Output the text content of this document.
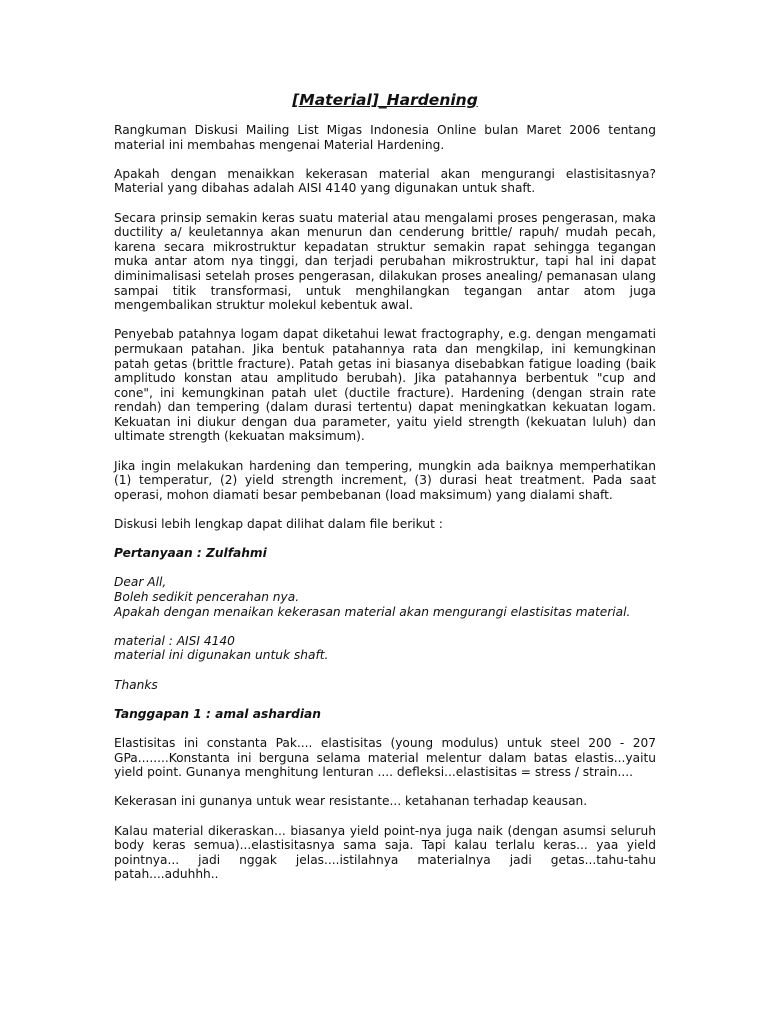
[Material]_Hardening

Rangkuman Diskusi Mailing List Migas Indonesia Online bulan Maret 2006 tentang material ini membahas mengenai Material Hardening.

Apakah dengan menaikkan kekerasan material akan mengurangi elastisitasnya? Material yang dibahas adalah AISI 4140 yang digunakan untuk shaft.

Secara prinsip semakin keras suatu material atau mengalami proses pengerasan, maka ductility a/ keuletannya akan menurun dan cenderung brittle/ rapuh/ mudah pecah, karena secara mikrostruktur kepadatan struktur semakin rapat sehingga tegangan muka antar atom nya tinggi, dan terjadi perubahan mikrostruktur, tapi hal ini dapat diminimalisasi setelah proses pengerasan, dilakukan proses anealing/ pemanasan ulang sampai titik transformasi, untuk menghilangkan tegangan antar atom juga mengembalikan struktur molekul kebentuk awal.

Penyebab patahnya logam dapat diketahui lewat fractography, e.g. dengan mengamati permukaan patahan. Jika bentuk patahannya rata dan mengkilap, ini kemungkinan patah getas (brittle fracture). Patah getas ini biasanya disebabkan fatigue loading (baik amplitudo konstan atau amplitudo berubah). Jika patahannya berbentuk "cup and cone", ini kemungkinan patah ulet (ductile fracture). Hardening (dengan strain rate rendah) dan tempering (dalam durasi tertentu) dapat meningkatkan kekuatan logam. Kekuatan ini diukur dengan dua parameter, yaitu yield strength (kekuatan luluh) dan ultimate strength (kekuatan maksimum).

Jika ingin melakukan hardening dan tempering, mungkin ada baiknya memperhatikan (1) temperatur, (2) yield strength increment, (3) durasi heat treatment. Pada saat operasi, mohon diamati besar pembebanan (load maksimum) yang dialami shaft.

Diskusi lebih lengkap dapat dilihat dalam file berikut :

Pertanyaan : Zulfahmi

Dear All,
Boleh sedikit pencerahan nya.
Apakah dengan menaikan kekerasan material akan mengurangi elastisitas material.

material : AISI 4140
material ini digunakan untuk shaft.

Thanks

Tanggapan 1 : amal ashardian

Elastisitas ini constanta Pak.... elastisitas (young modulus) untuk steel 200 - 207 GPa........Konstanta ini berguna selama material melentur dalam batas elastis...yaitu yield point. Gunanya menghitung lenturan .... defleksi...elastisitas = stress / strain....

Kekerasan ini gunanya untuk wear resistante... ketahanan terhadap keausan.

Kalau material dikeraskan... biasanya yield point-nya juga naik (dengan asumsi seluruh body keras semua)...elastisitasnya sama saja. Tapi kalau terlalu keras... yaa yield pointnya... jadi nggak jelas....istilahnya materialnya jadi getas...tahu-tahu patah....aduhhh..
